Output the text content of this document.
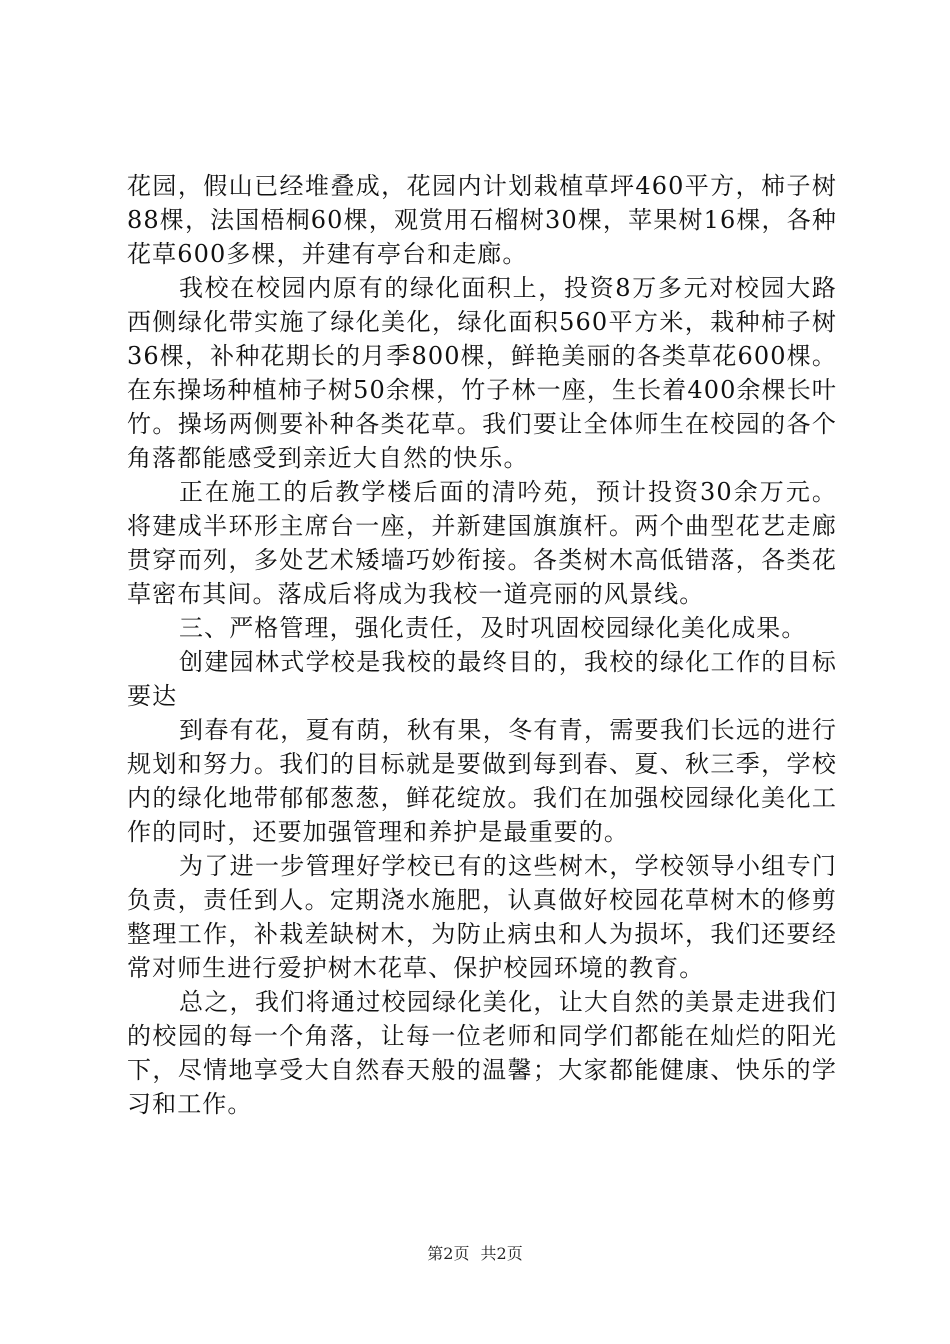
花园，假山已经堆叠成，花园内计划栽植草坪460平方，柿子树88棵，法国梧桐60棵，观赏用石榴树30棵，苹果树16棵，各种花草600多棵，并建有亭台和走廊。

我校在校园内原有的绿化面积上，投资8万多元对校园大路西侧绿化带实施了绿化美化，绿化面积560平方米，栽种柿子树36棵，补种花期长的月季800棵，鲜艳美丽的各类草花600棵。在东操场种植柿子树50余棵，竹子林一座，生长着400余棵长叶竹。操场两侧要补种各类花草。我们要让全体师生在校园的各个角落都能感受到亲近大自然的快乐。

正在施工的后教学楼后面的清吟苑，预计投资30余万元。将建成半环形主席台一座，并新建国旗旗杆。两个曲型花艺走廊贯穿而列，多处艺术矮墙巧妙衔接。各类树木高低错落，各类花草密布其间。落成后将成为我校一道亮丽的风景线。

三、严格管理，强化责任，及时巩固校园绿化美化成果。

创建园林式学校是我校的最终目的，我校的绿化工作的目标要达

到春有花，夏有荫，秋有果，冬有青，需要我们长远的进行规划和努力。我们的目标就是要做到每到春、夏、秋三季，学校内的绿化地带郁郁葱葱，鲜花绽放。我们在加强校园绿化美化工作的同时，还要加强管理和养护是最重要的。

为了进一步管理好学校已有的这些树木，学校领导小组专门负责，责任到人。定期浇水施肥，认真做好校园花草树木的修剪整理工作，补栽差缺树木，为防止病虫和人为损坏，我们还要经常对师生进行爱护树木花草、保护校园环境的教育。

总之，我们将通过校园绿化美化，让大自然的美景走进我们的校园的每一个角落，让每一位老师和同学们都能在灿烂的阳光下，尽情地享受大自然春天般的温馨；大家都能健康、快乐的学习和工作。

第2页 共2页
